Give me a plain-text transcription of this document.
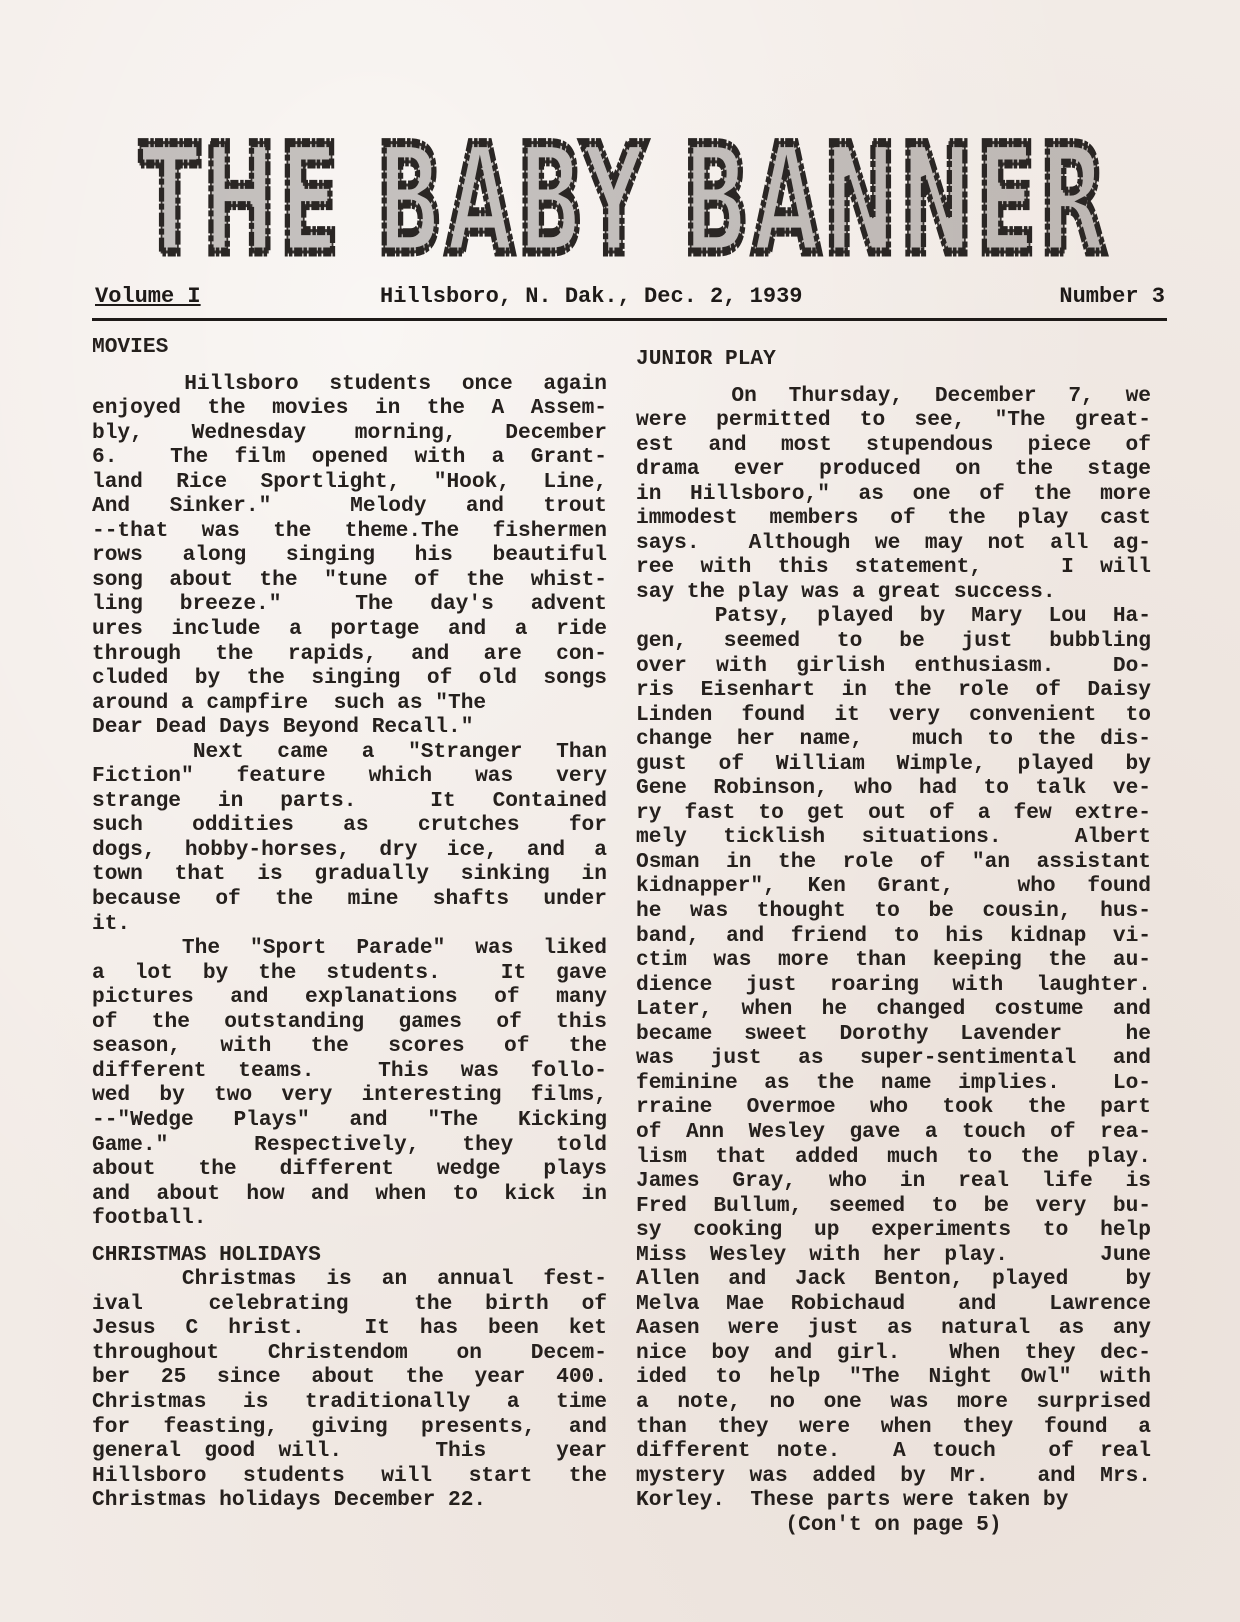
THE BABY BANNER
THE BABY BANNER
Volume I	Hillsboro, N. Dak., Dec. 2, 1939	Number 3
MOVIES
Hillsboro students once again
enjoyed the movies in the A Assem-
bly, Wednesday morning, December
6.  The film opened with a Grant-
land Rice Sportlight, "Hook, Line,
And Sinker."  Melody and trout
--that was the theme.The fishermen
rows along singing his beautiful
song about the "tune of the whist-
ling breeze."  The day's advent
ures include a portage and a ride
through the rapids, and are con-
cluded by the singing of old songs
around a campfire  such as "The
Dear Dead Days Beyond Recall."
Next came a "Stranger Than
Fiction" feature which was very
strange in parts.  It Contained
such oddities as crutches for
dogs, hobby-horses, dry ice, and a
town that is gradually sinking in
because of the mine shafts under
it.
The "Sport Parade" was liked
a lot by the students.  It gave
pictures and explanations of many
of the outstanding games of this
season, with the scores of the
different teams.  This was follo-
wed by two very interesting films,
--"Wedge Plays" and "The Kicking
Game."  Respectively, they told
about the different wedge plays
and about how and when to kick in
football.
CHRISTMAS HOLIDAYS
Christmas is an annual fest-
ival  celebrating  the birth of
Jesus C hrist.  It has been ket
throughout Christendom on Decem-
ber 25 since about the year 400.
Christmas is traditionally a time
for feasting, giving presents, and
general good will.    This   year
Hillsboro students will start the
Christmas holidays December 22.
JUNIOR PLAY
On Thursday, December 7, we
were permitted to see, "The great-
est and most stupendous piece of
drama ever produced on the stage
in Hillsboro," as one of the more
immodest members of the play cast
says.  Although we may not all ag-
ree with this statement,   I will
say the play was a great success.
Patsy, played by Mary Lou Ha-
gen, seemed to be just bubbling
over with girlish enthusiasm.  Do-
ris Eisenhart in the role of Daisy
Linden found it very convenient to
change her name,  much to the dis-
gust of William Wimple, played by
Gene Robinson, who had to talk ve-
ry fast to get out of a few extre-
mely ticklish situations.  Albert
Osman in the role of "an assistant
kidnapper", Ken Grant,  who found
he was thought to be cousin, hus-
band, and friend to his kidnap vi-
ctim was more than keeping the au-
dience just roaring with laughter.
Later, when he changed costume and
became sweet Dorothy Lavender  he
was just as super-sentimental and
feminine as the name implies.  Lo-
rraine Overmoe who took the part
of Ann Wesley gave a touch of rea-
lism that added much to the play.
James Gray, who in real life is
Fred Bullum, seemed to be very bu-
sy cooking up experiments to help
Miss Wesley with her play.    June
Allen and Jack Benton, played  by
Melva Mae Robichaud  and  Lawrence
Aasen were just as natural as any
nice boy and girl.  When they dec-
ided to help "The Night Owl" with
a note, no one was more surprised
than they were when they found a
different note.  A touch  of real
mystery was added by Mr.  and Mrs.
Korley.  These parts were taken by
(Con't on page 5)
